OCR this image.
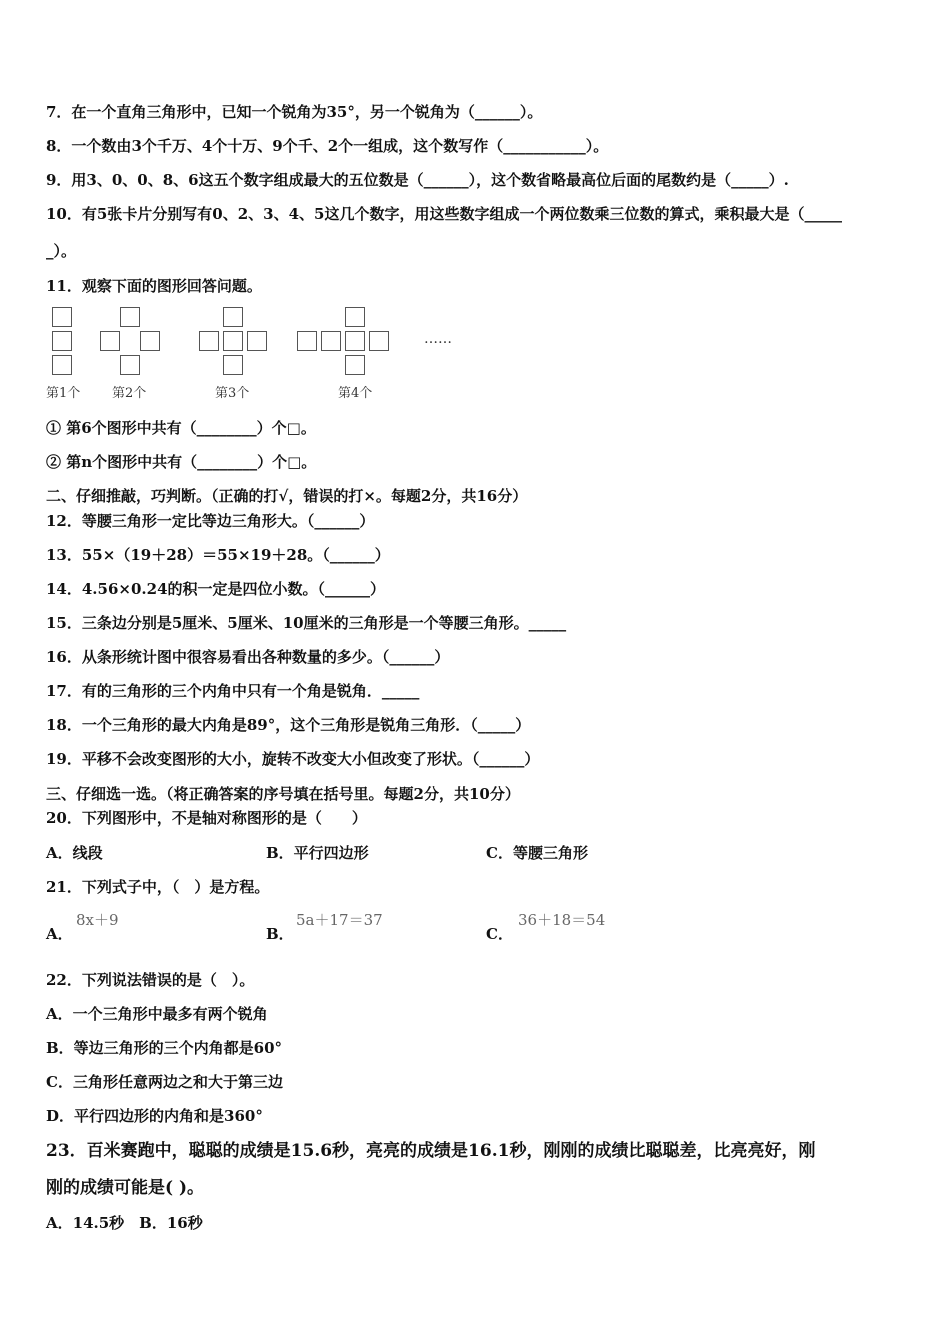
7．在一个直角三角形中，已知一个锐角为35°，另一个锐角为（______）。
8．一个数由3个千万、4个十万、9个千、2个一组成，这个数写作（___________）。
9．用3、0、0、8、6这五个数字组成最大的五位数是（______），这个数省略最高位后面的尾数约是（_____）.
10．有5张卡片分别写有0、2、3、4、5这几个数字，用这些数字组成一个两位数乘三位数的算式，乘积最大是（_____
_）。
11．观察下面的图形回答问题。
……
第1个 第2个	第3个	第4个
① 第6个图形中共有（________）个□。
② 第n个图形中共有（________）个□。
二、仔细推敲，巧判断。（正确的打√，错误的打×。每题2分，共16分）
12．等腰三角形一定比等边三角形大。（______）
13．55×（19＋28）＝55×19＋28。（______）
14．4.56×0.24的积一定是四位小数。（______）
15．三条边分别是5厘米、5厘米、10厘米的三角形是一个等腰三角形。_____
16．从条形统计图中很容易看出各种数量的多少。（______）
17．有的三角形的三个内角中只有一个角是锐角．_____
18．一个三角形的最大内角是89°，这个三角形是锐角三角形．（_____）
19．平移不会改变图形的大小，旋转不改变大小但改变了形状。（______）
三、仔细选一选。（将正确答案的序号填在括号里。每题2分，共10分）
20．下列图形中，不是轴对称图形的是（　　）
A．线段	B．平行四边形	C．等腰三角形
21．下列式子中，（　）是方程。
A．
8x＋9
B．
5a＋17＝37
C．
36＋18＝54
22．下列说法错误的是（　）。
A．一个三角形中最多有两个锐角
B．等边三角形的三个内角都是60°
C．三角形任意两边之和大于第三边
D．平行四边形的内角和是360°
23．百米赛跑中，聪聪的成绩是15.6秒，亮亮的成绩是16.1秒，刚刚的成绩比聪聪差，比亮亮好，刚
刚的成绩可能是( )。
A．14.5秒　B．16秒
